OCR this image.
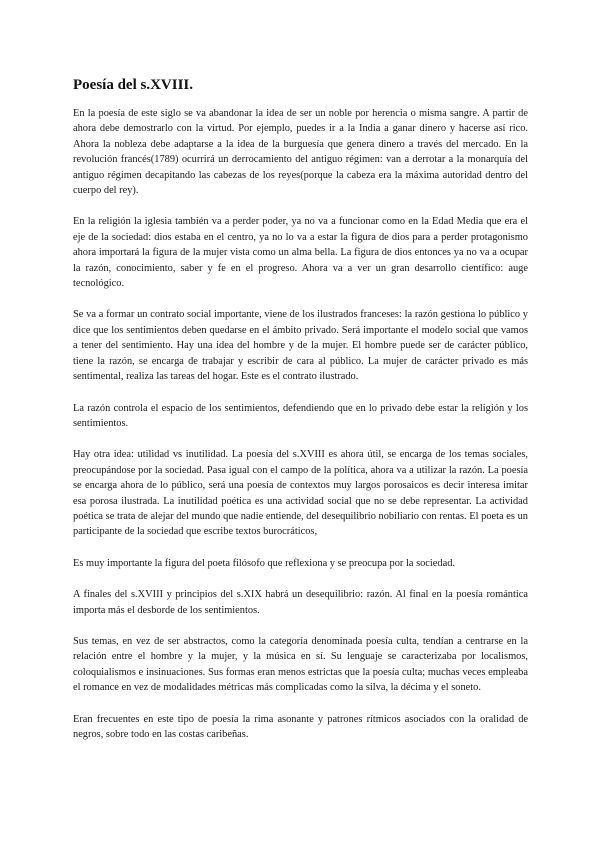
Poesía del s.XVIII.

En la poesía de este siglo se va abandonar la idea de ser un noble por herencia o misma sangre. A partir de ahora debe demostrarlo con la virtud. Por ejemplo, puedes ir a la India a ganar dinero y hacerse así rico. Ahora la nobleza debe adaptarse a la idea de la burguesía que genera dinero a través del mercado. En la revolución francés(1789) ocurrirá un derrocamiento del antiguo régimen: van a derrotar a la monarquía del antiguo régimen decapitando las cabezas de los reyes(porque la cabeza era la máxima autoridad dentro del cuerpo del rey).

En la religión la iglesia también va a perder poder, ya no va a funcionar como en la Edad Media que era el eje de la sociedad: dios estaba en el centro, ya no lo va a estar la figura de dios para a perder protagonismo ahora importará la figura de la mujer vista como un alma bella. La figura de dios entonces ya no va a ocupar la razón, conocimiento, saber y fe en el progreso. Ahora va a ver un gran desarrollo científico: auge tecnológico.

Se va a formar un contrato social importante, viene de los ilustrados franceses: la razón gestiona lo público y dice que los sentimientos deben quedarse en el ámbito privado. Será importante el modelo social que vamos a tener del sentimiento. Hay una idea del hombre y de la mujer. El hombre puede ser de carácter público, tiene la razón, se encarga de trabajar y escribir de cara al público. La mujer de carácter privado es más sentimental, realiza las tareas del hogar. Este es el contrato ilustrado.

La razón controla el espacio de los sentimientos, defendiendo que en lo privado debe estar la religión y los sentimientos.

Hay otra idea: utilidad vs inutilidad. La poesía del s.XVIII es ahora útil, se encarga de los temas sociales, preocupándose por la sociedad. Pasa igual con el campo de la política, ahora va a utilizar la razón. La poesía se encarga ahora de lo público, será una poesía de contextos muy largos porosaicos es decir interesa imitar esa porosa ilustrada. La inutilidad poética es una actividad social que no se debe representar. La actividad poética se trata de alejar del mundo que nadie entiende, del desequilibrio nobiliario con rentas. El poeta es un participante de la sociedad que escribe textos burocráticos,

Es muy importante la figura del poeta filósofo que reflexiona y se preocupa por la sociedad.

A finales del s.XVIII y principios del s.XIX habrá un desequilibrio: razón. Al final en la poesía romántica importa más el desborde de los sentimientos.

Sus temas, en vez de ser abstractos, como la categoría denominada poesía culta, tendían a centrarse en la relación entre el hombre y la mujer, y la música en sí. Su lenguaje se caracterizaba por localismos, coloquialismos e insinuaciones. Sus formas eran menos estrictas que la poesía culta; muchas veces empleaba el romance en vez de modalidades métricas más complicadas como la silva, la décima y el soneto.

Eran frecuentes en este tipo de poesía la rima asonante y patrones rítmicos asociados con la oralidad de negros, sobre todo en las costas caribeñas.
